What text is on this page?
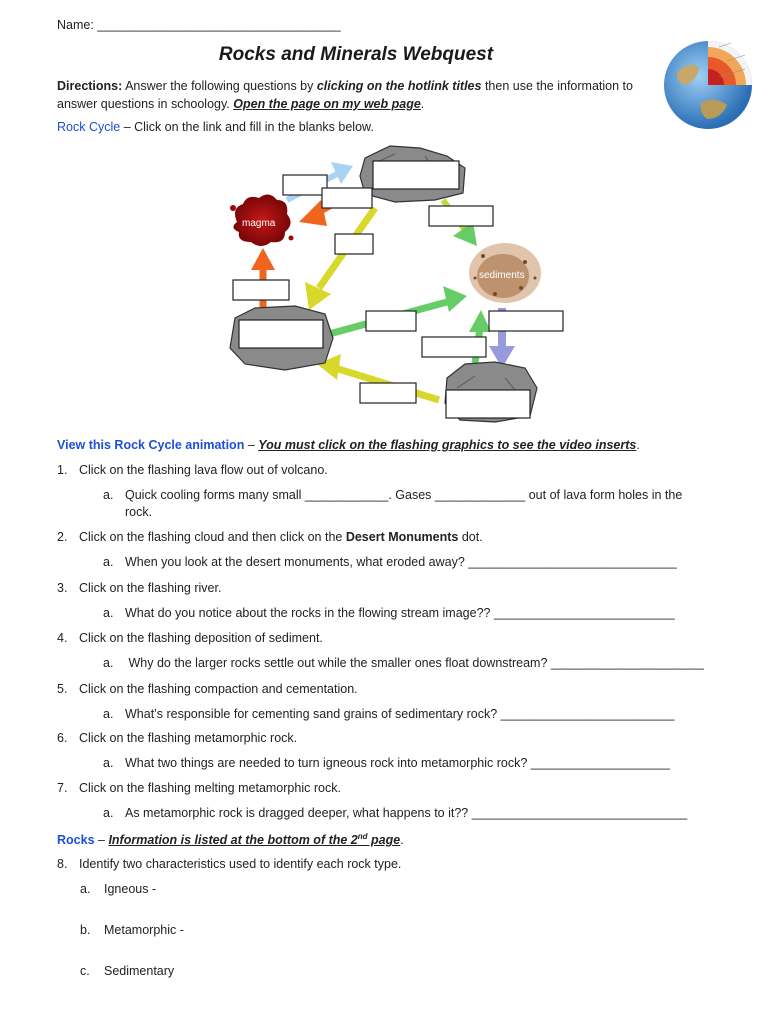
Name: ___________________________________
Rocks and Minerals Webquest
Directions: Answer the following questions by clicking on the hotlink titles then use the information to answer questions in schoology. Open the page on my web page.
Rock Cycle – Click on the link and fill in the blanks below.
magma
sediments
View this Rock Cycle animation – You must click on the flashing graphics to see the video inserts.
1. Click on the flashing lava flow out of volcano.
a. Quick cooling forms many small ____________. Gases _____________ out of lava form holes in the
rock.
2. Click on the flashing cloud and then click on the Desert Monuments dot.
a. When you look at the desert monuments, what eroded away? ______________________________
3. Click on the flashing river.
a. What do you notice about the rocks in the flowing stream image?? __________________________
4. Click on the flashing deposition of sediment.
a. Why do the larger rocks settle out while the smaller ones float downstream? ______________________
5. Click on the flashing compaction and cementation.
a. What’s responsible for cementing sand grains of sedimentary rock? _________________________
6. Click on the flashing metamorphic rock.
a. What two things are needed to turn igneous rock into metamorphic rock? ____________________
7. Click on the flashing melting metamorphic rock.
a. As metamorphic rock is dragged deeper, what happens to it?? _______________________________
Rocks – Information is listed at the bottom of the 2nd page.
8. Identify two characteristics used to identify each rock type.
a. Igneous -
b. Metamorphic -
c. Sedimentary
